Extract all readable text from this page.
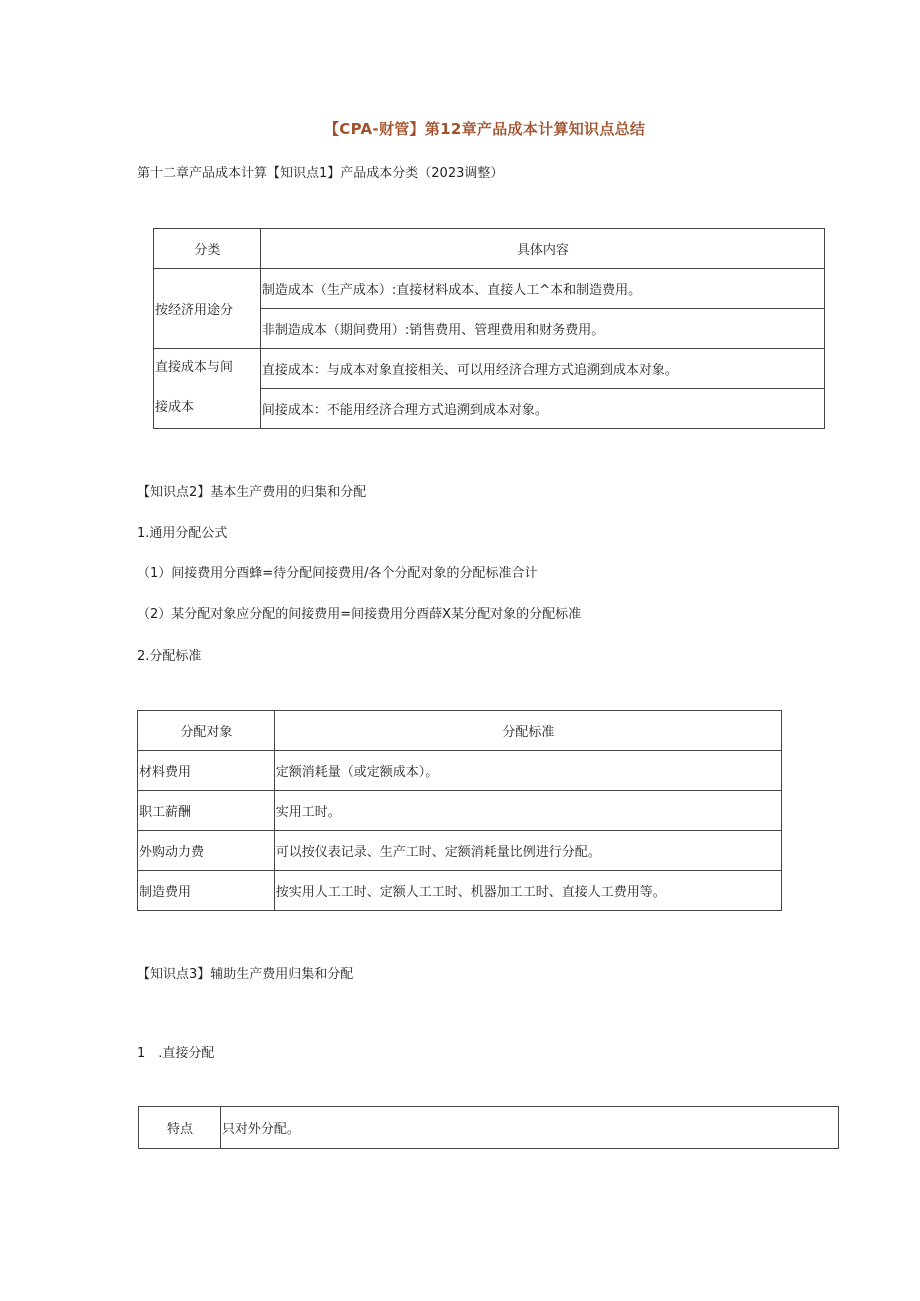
【CPA-财管】第12章产品成本计算知识点总结
第十二章产品成本计算【知识点1】产品成本分类（2023调整）
分类	具体内容
按经济用途分	制造成本（生产成本）:直接材料成本、直接人工^本和制造费用。
	非制造成本（期间费用）:销售费用、管理费用和财务费用。

直接成本与间
接成本	直接成本：与成本对象直接相关、可以用经济合理方式追溯到成本对象。
	间接成本：不能用经济合理方式追溯到成本对象。
【知识点2】基本生产费用的归集和分配
1.通用分配公式
（1）间接费用分酉蜂=待分配间接费用/各个分配对象的分配标准合计
（2）某分配对象应分配的间接费用=间接费用分酉薛X某分配对象的分配标准
2.分配标准
分配对象	分配标准
材料费用	定额消耗量（或定额成本）。
职工薪酬	实用工时。
外购动力费	可以按仪表记录、生产工时、定额消耗量比例进行分配。
制造费用	按实用人工工时、定额人工工时、机器加工工时、直接人工费用等。
【知识点3】辅助生产费用归集和分配
1　.直接分配
特点	只对外分配。
